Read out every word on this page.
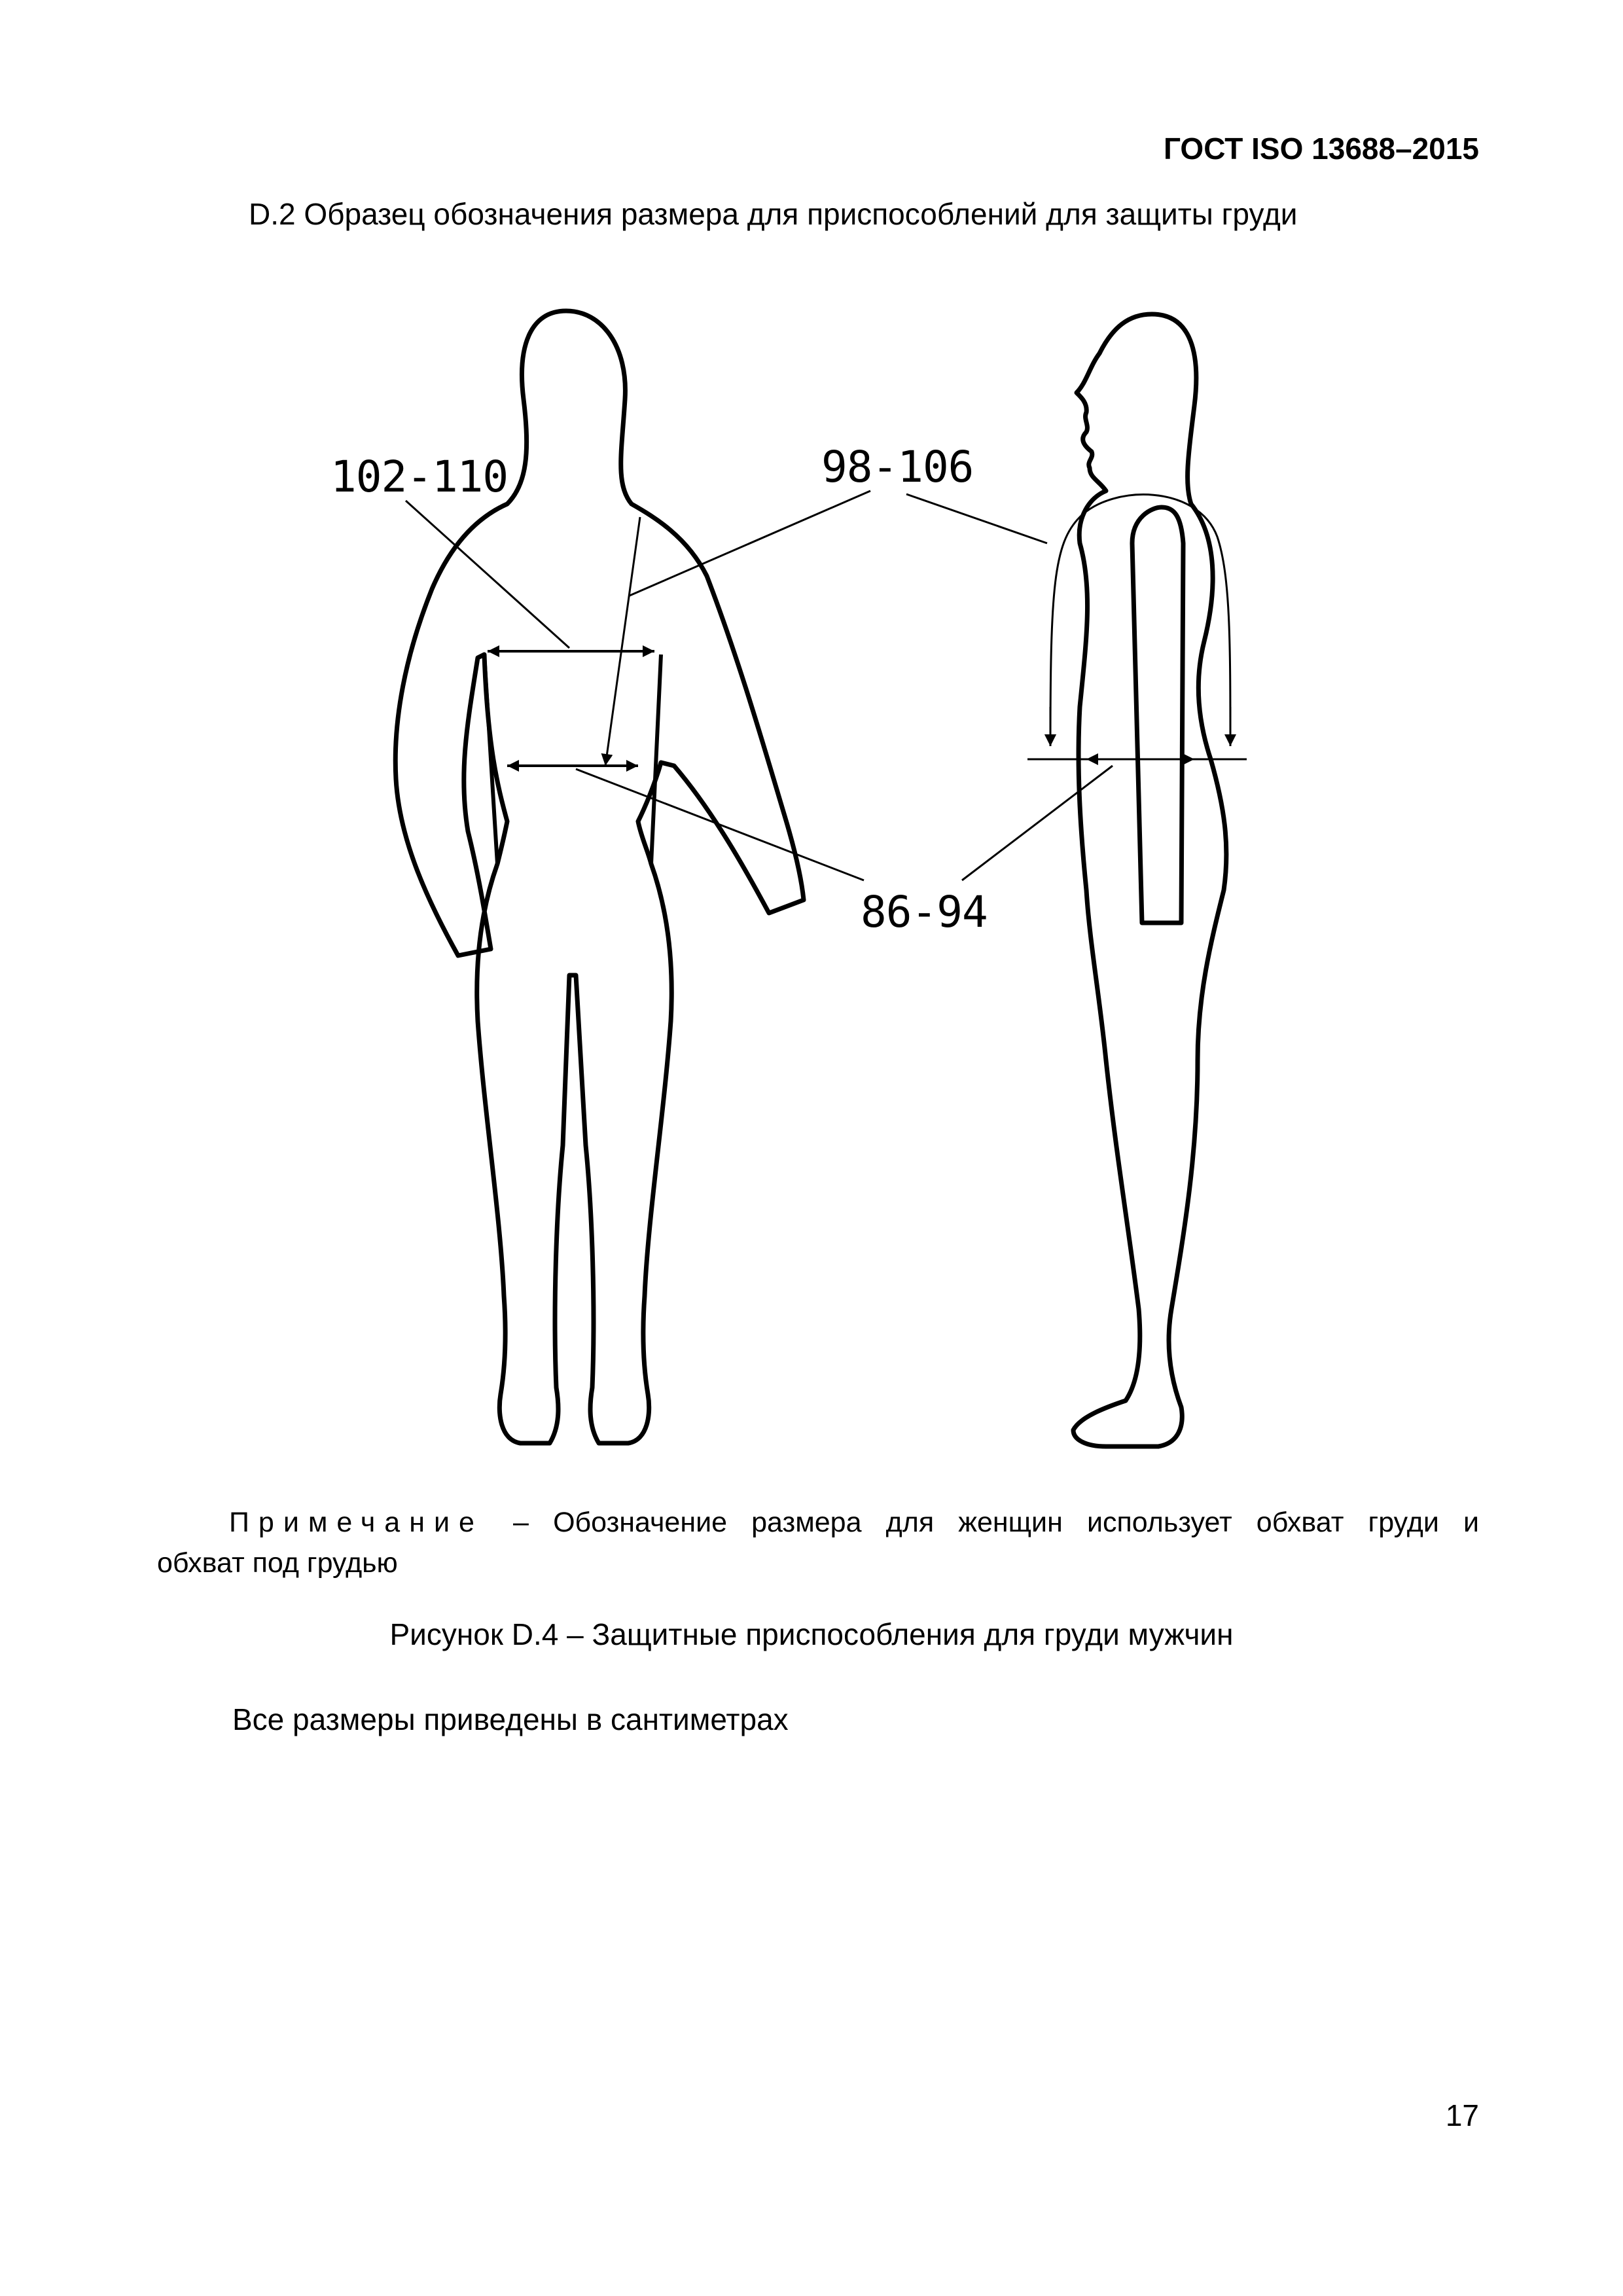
ГОСТ ISO 13688–2015
D.2 Образец обозначения размера для приспособлений для защиты груди
102-110	98-106
86-94
Примечание – Обозначение размера для женщин использует обхват груди и
обхват под грудью
Рисунок D.4 – Защитные приспособления для груди мужчин
Все размеры приведены в сантиметрах
17
